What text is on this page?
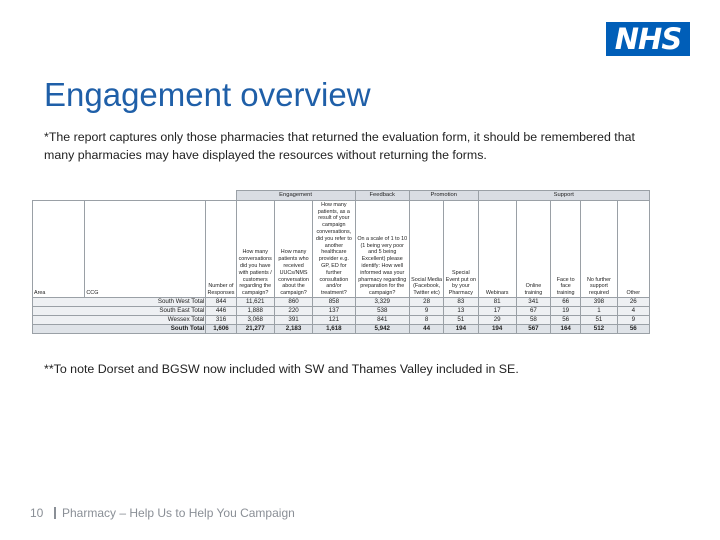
NHS
Engagement overview
*The report captures only those pharmacies that returned the evaluation form, it should be remembered that many pharmacies may have displayed the resources without returning the forms.
			Engagement			Feedback	Promotion		Support				
Area	CCG	Number of Responses	How many conversations did you have with patients / customers regarding the campaign?	How many patients who received UUCs/NMS conversation about the campaign?	How many patients, as a result of your campaign conversations, did you refer to another healthcare provider e.g. GP, ED for further consultation and/or treatment?	On a scale of 1 to 10 (1 being very poor and 5 being Excellent) please identify: How well informed was your pharmacy regarding preparation for the campaign?	Social Media (Facebook, Twitter etc)	Special Event put on by your Pharmacy	Webinars	Online training	Face to face training	No further support required	Other
South West Total		844	11,621	860	858	3,329	28	83	81	341	66	398	26
South East Total		446	1,888	220	137	538	9	13	17	67	19	1	4
Wessex Total		316	3,068	391	121	841	8	51	29	58	56	51	9
South Total		1,606	21,277	2,183	1,618	5,942	44	194	194	567	164	512	56
**To note Dorset and BGSW now included with SW and Thames Valley included in SE.
10 Pharmacy – Help Us to Help You Campaign
